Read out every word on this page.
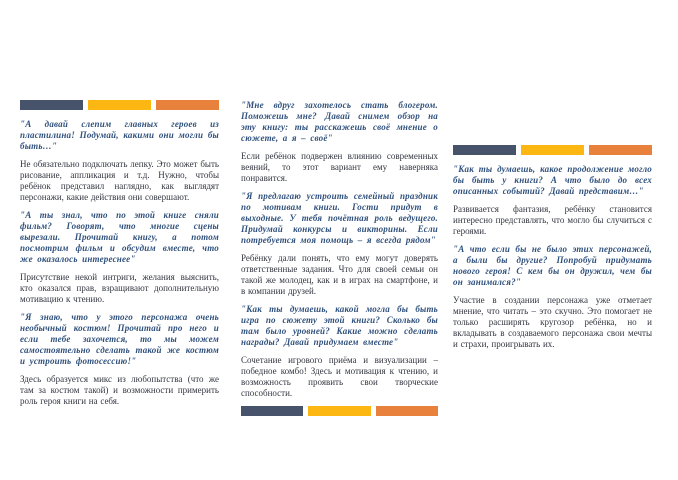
"А давай слепим главных героев из пластилина! Подумай, какими они могли бы быть…"

Не обязательно подключать лепку. Это может быть рисование, аппликация и т.д. Нужно, чтобы ребёнок представил наглядно, как выглядят персонажи, какие действия они совершают.

"А ты знал, что по этой книге сняли фильм? Говорят, что многие сцены вырезали. Прочитай книгу, а потом посмотрим фильм и обсудим вместе, что же оказалось интереснее"

Присутствие некой интриги, желания выяснить, кто оказался прав, взращивают дополнительную мотивацию к чтению.

"Я знаю, что у этого персонажа очень необычный костюм! Прочитай про него и если тебе захочется, то мы можем самостоятельно сделать такой же костюм и устроить фотосессию!"

Здесь образуется микс из любопытства (что же там за костюм такой) и возможности примерить роль героя книги на себя.

"Мне вдруг захотелось стать блогером. Поможешь мне? Давай снимем обзор на эту книгу: ты расскажешь своё мнение о сюжете, а я – своё"

Если ребёнок подвержен влиянию современных веяний, то этот вариант ему наверняка понравится.

"Я предлагаю устроить семейный праздник по мотивам книги. Гости придут в выходные. У тебя почётная роль ведущего. Придумай конкурсы и викторины. Если потребуется моя помощь – я всегда рядом"

Ребёнку дали понять, что ему могут доверять ответственные задания. Что для своей семьи он такой же молодец, как и в играх на смартфоне, и в компании друзей.

"Как ты думаешь, какой могла бы быть игра по сюжету этой книги? Сколько бы там было уровней? Какие можно сделать награды? Давай придумаем вместе"

Сочетание игрового приёма и визуализации – победное комбо! Здесь и мотивация к чтению, и возможность проявить свои творческие способности.

"Как ты думаешь, какое продолжение могло бы быть у книги? А что было до всех описанных событий? Давай представим…"

Развивается фантазия, ребёнку становится интересно представлять, что могло бы случиться с героями.

"А что если бы не было этих персонажей, а были бы другие? Попробуй придумать нового героя! С кем бы он дружил, чем бы он занимался?"

Участие в создании персонажа уже отметает мнение, что читать – это скучно. Это помогает не только расширять кругозор ребёнка, но и вкладывать в создаваемого персонажа свои мечты и страхи, проигрывать их.
